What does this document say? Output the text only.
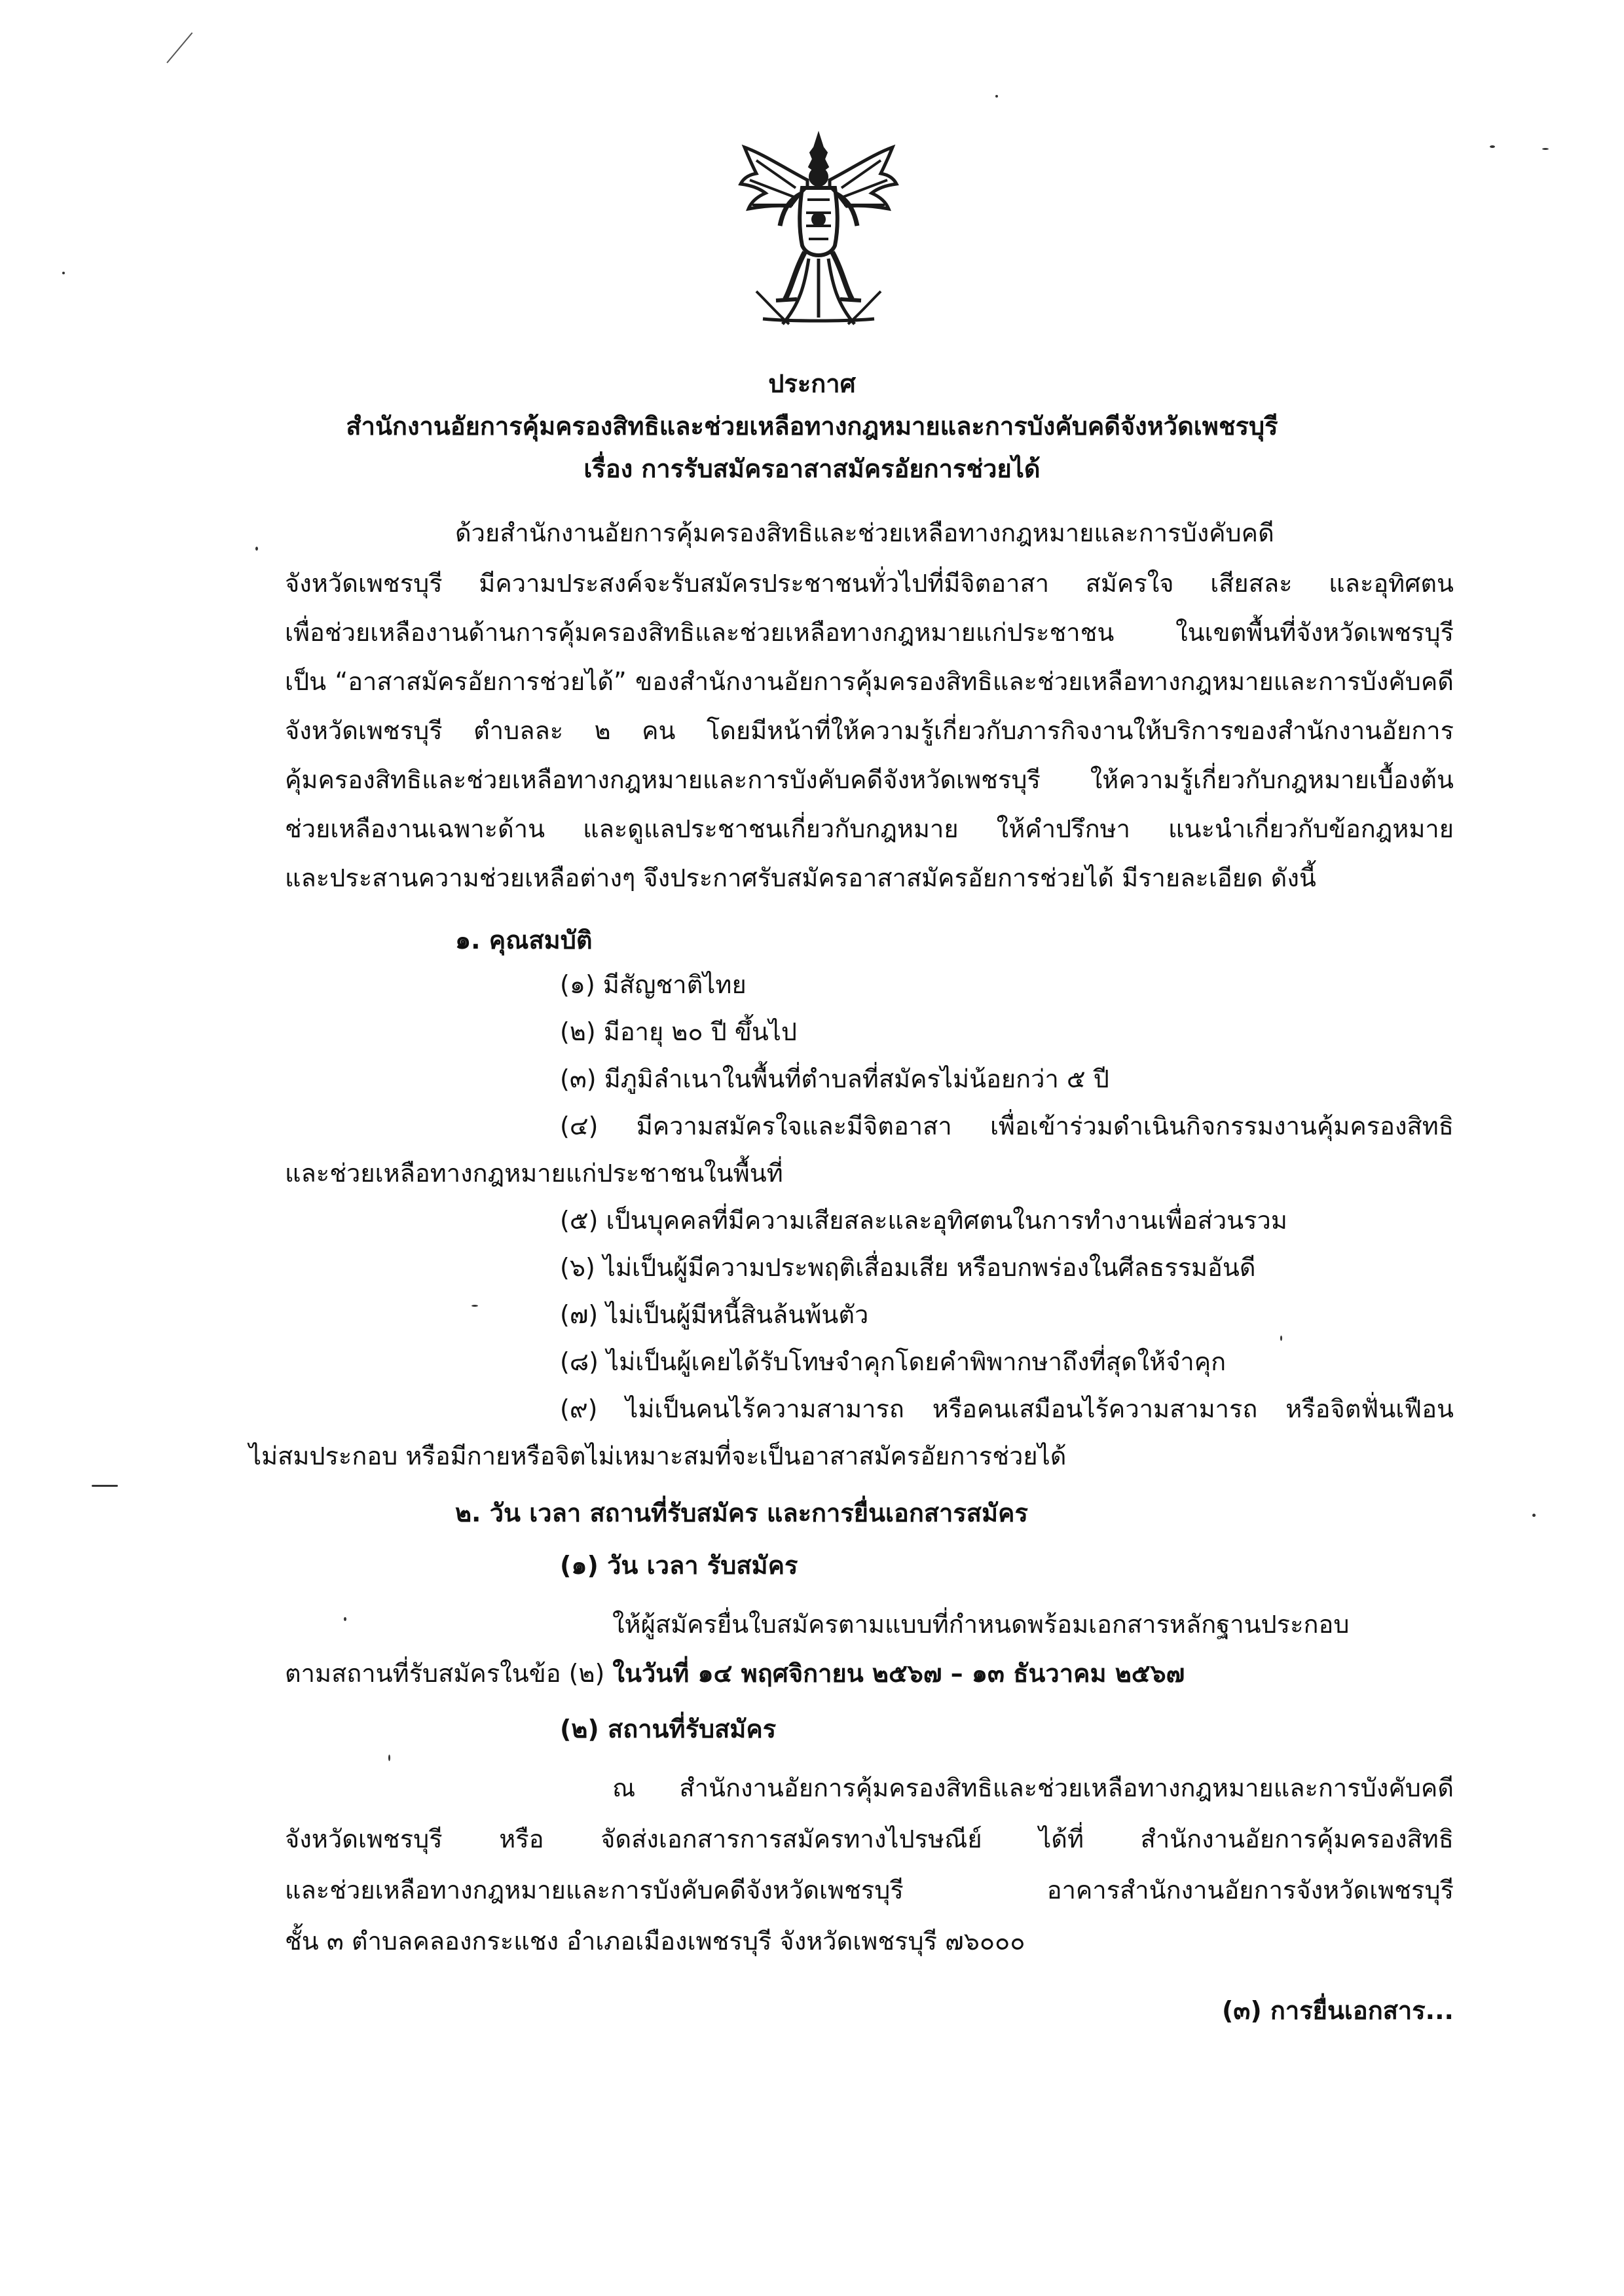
ประกาศ
สำนักงานอัยการคุ้มครองสิทธิและช่วยเหลือทางกฎหมายและการบังคับคดีจังหวัดเพชรบุรี
เรื่อง การรับสมัครอาสาสมัครอัยการช่วยได้
ด้วยสำนักงานอัยการคุ้มครองสิทธิและช่วยเหลือทางกฎหมายและการบังคับคดี
จังหวัดเพชรบุรี มีความประสงค์จะรับสมัครประชาชนทั่วไปที่มีจิตอาสา สมัครใจ เสียสละ และอุทิศตน
เพื่อช่วยเหลืองานด้านการคุ้มครองสิทธิและช่วยเหลือทางกฎหมายแก่ประชาชน ในเขตพื้นที่จังหวัดเพชรบุรี
เป็น “อาสาสมัครอัยการช่วยได้” ของสำนักงานอัยการคุ้มครองสิทธิและช่วยเหลือทางกฎหมายและการบังคับคดี
จังหวัดเพชรบุรี ตำบลละ ๒ คน โดยมีหน้าที่ให้ความรู้เกี่ยวกับภารกิจงานให้บริการของสำนักงานอัยการ
คุ้มครองสิทธิและช่วยเหลือทางกฎหมายและการบังคับคดีจังหวัดเพชรบุรี ให้ความรู้เกี่ยวกับกฎหมายเบื้องต้น
ช่วยเหลืองานเฉพาะด้าน และดูแลประชาชนเกี่ยวกับกฎหมาย ให้คำปรึกษา แนะนำเกี่ยวกับข้อกฎหมาย
และประสานความช่วยเหลือต่างๆ จึงประกาศรับสมัครอาสาสมัครอัยการช่วยได้ มีรายละเอียด ดังนี้
๑. คุณสมบัติ
(๑) มีสัญชาติไทย
(๒) มีอายุ ๒๐ ปี ขึ้นไป
(๓) มีภูมิลำเนาในพื้นที่ตำบลที่สมัครไม่น้อยกว่า ๕ ปี
(๔) มีความสมัครใจและมีจิตอาสา เพื่อเข้าร่วมดำเนินกิจกรรมงานคุ้มครองสิทธิ
และช่วยเหลือทางกฎหมายแก่ประชาชนในพื้นที่
(๕) เป็นบุคคลที่มีความเสียสละและอุทิศตนในการทำงานเพื่อส่วนรวม
(๖) ไม่เป็นผู้มีความประพฤติเสื่อมเสีย หรือบกพร่องในศีลธรรมอันดี
(๗) ไม่เป็นผู้มีหนี้สินล้นพ้นตัว
(๘) ไม่เป็นผู้เคยได้รับโทษจำคุกโดยคำพิพากษาถึงที่สุดให้จำคุก
(๙) ไม่เป็นคนไร้ความสามารถ หรือคนเสมือนไร้ความสามารถ หรือจิตฟั่นเฟือน
ไม่สมประกอบ หรือมีกายหรือจิตไม่เหมาะสมที่จะเป็นอาสาสมัครอัยการช่วยได้
๒. วัน เวลา สถานที่รับสมัคร และการยื่นเอกสารสมัคร
(๑) วัน เวลา รับสมัคร
ให้ผู้สมัครยื่นใบสมัครตามแบบที่กำหนดพร้อมเอกสารหลักฐานประกอบ
ตามสถานที่รับสมัครในข้อ (๒) ในวันที่ ๑๔ พฤศจิกายน ๒๕๖๗ – ๑๓ ธันวาคม ๒๕๖๗
(๒) สถานที่รับสมัคร
ณ สำนักงานอัยการคุ้มครองสิทธิและช่วยเหลือทางกฎหมายและการบังคับคดี
จังหวัดเพชรบุรี หรือ จัดส่งเอกสารการสมัครทางไปรษณีย์ ได้ที่ สำนักงานอัยการคุ้มครองสิทธิ
และช่วยเหลือทางกฎหมายและการบังคับคดีจังหวัดเพชรบุรี อาคารสำนักงานอัยการจังหวัดเพชรบุรี
ชั้น ๓ ตำบลคลองกระแชง อำเภอเมืองเพชรบุรี จังหวัดเพชรบุรี ๗๖๐๐๐
(๓) การยื่นเอกสาร...
